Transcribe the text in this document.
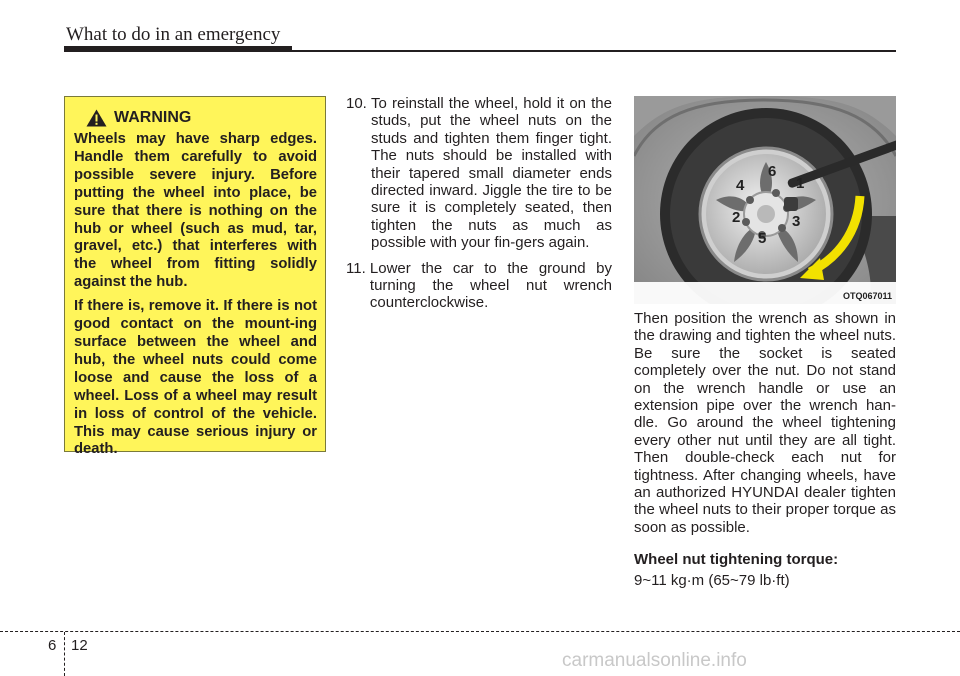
What to do in an emergency
WARNING

Wheels may have sharp edges. Handle them carefully to avoid possible severe injury. Before putting the wheel into place, be sure that there is nothing on the hub or wheel (such as mud, tar, gravel, etc.) that interferes with the wheel from fitting solidly against the hub.

If there is, remove it. If there is not good contact on the mount-ing surface between the wheel and hub, the wheel nuts could come loose and cause the loss of a wheel. Loss of a wheel may result in loss of control of the vehicle. This may cause serious injury or death.

10. To reinstall the wheel, hold it on the studs, put the wheel nuts on the studs and tighten them finger tight. The nuts should be installed with their tapered small diameter ends directed inward. Jiggle the tire to be sure it is completely seated, then tighten the nuts as much as possible with your fin-gers again.
11. Lower the car to the ground by turning the wheel nut wrench counterclockwise.
1
2	3
4
5
6
OTQ067011

Then position the wrench as shown in the drawing and tighten the wheel nuts. Be sure the socket is seated completely over the nut. Do not stand on the wrench handle or use an extension pipe over the wrench han-dle. Go around the wheel tightening every other nut until they are all tight. Then double-check each nut for tightness. After changing wheels, have an authorized HYUNDAI dealer tighten the wheel nuts to their proper torque as soon as possible.

Wheel nut tightening torque:
9~11 kg·m (65~79 lb·ft)
6 12
carmanualsonline.info
